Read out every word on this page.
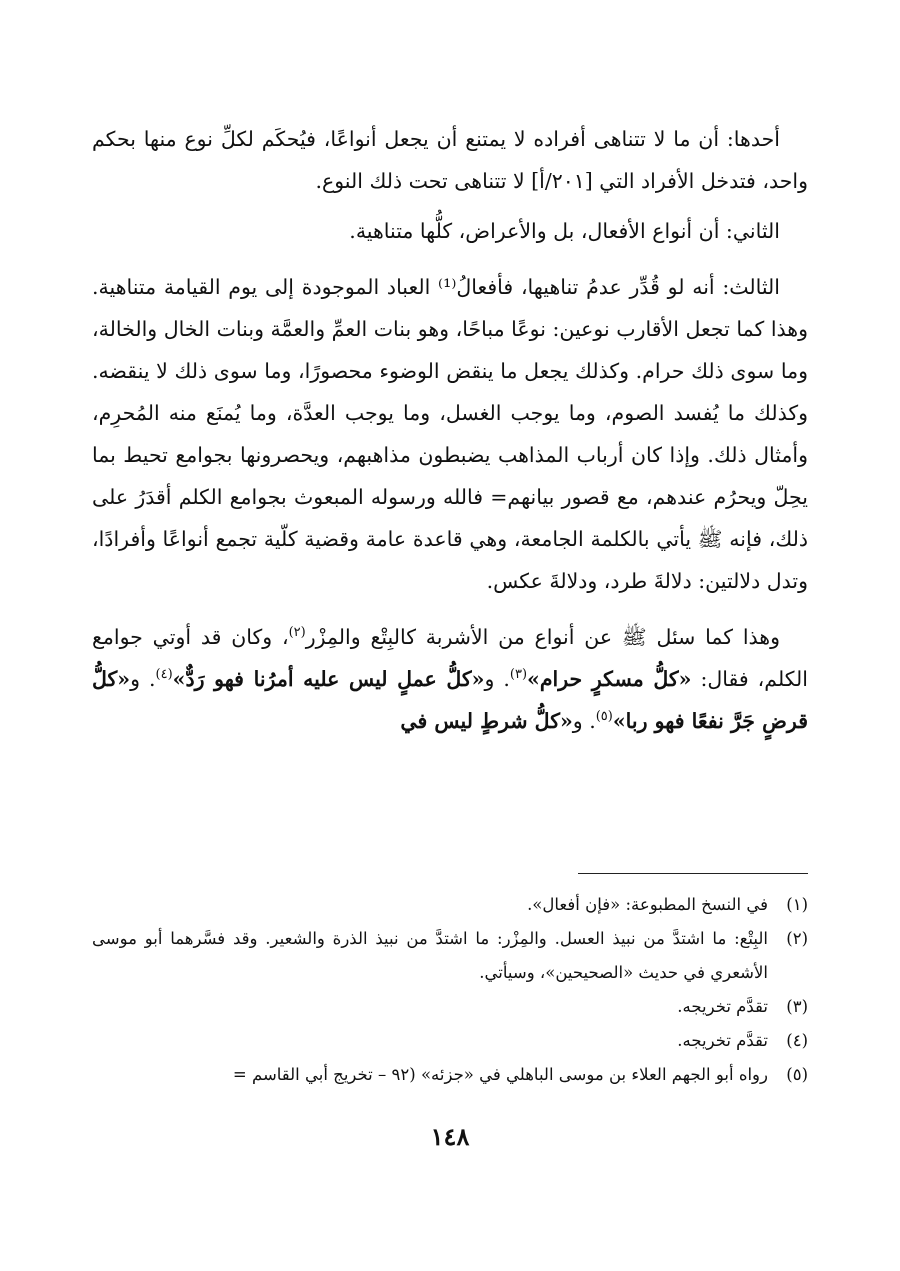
أحدها: أن ما لا تتناهى أفراده لا يمتنع أن يجعل أنواعًا، فيُحكَم لكلِّ نوع منها بحكم واحد، فتدخل الأفراد التي [٢٠١/أ] لا تتناهى تحت ذلك النوع.

الثاني: أن أنواع الأفعال، بل والأعراض، كلُّها متناهية.

الثالث: أنه لو قُدِّر عدمُ تناهيها، فأفعالُ⁽¹⁾ العباد الموجودة إلى يوم القيامة متناهية. وهذا كما تجعل الأقارب نوعين: نوعًا مباحًا، وهو بنات العمِّ والعمَّة وبنات الخال والخالة، وما سوى ذلك حرام. وكذلك يجعل ما ينقض الوضوء محصورًا، وما سوى ذلك لا ينقضه. وكذلك ما يُفسد الصوم، وما يوجب الغسل، وما يوجب العدَّة، وما يُمنَع منه المُحرِم، وأمثال ذلك. وإذا كان أرباب المذاهب يضبطون مذاهبهم، ويحصرونها بجوامع تحيط بما يحِلّ ويحرُم عندهم، مع قصور بيانهم= فالله ورسوله المبعوث بجوامع الكلم أقدَرُ على ذلك، فإنه ﷺ يأتي بالكلمة الجامعة، وهي قاعدة عامة وقضية كلّية تجمع أنواعًا وأفرادًا، وتدل دلالتين: دلالةَ طرد، ودلالةَ عكس.

وهذا كما سئل ﷺ عن أنواع من الأشربة كالبِتْع والمِزْر$^{(٢)}$، وكان قد أوتي جوامع الكلم، فقال: «كلُّ مسكرٍ حرام»$^{(٣)}$. و«كلُّ عملٍ ليس عليه أمرُنا فهو رَدٌّ»$^{(٤)}$. و«كلُّ قرضٍ جَرَّ نفعًا فهو ربا»$^{(٥)}$. و«كلُّ شرطٍ ليس في

(١)
في النسخ المطبوعة: «فإن أفعال».
(٢)
البِتْع: ما اشتدَّ من نبيذ العسل. والمِزْر: ما اشتدَّ من نبيذ الذرة والشعير. وقد فسَّرهما أبو موسى الأشعري في حديث «الصحيحين»، وسيأتي.
(٣)
تقدَّم تخريجه.
(٤)
تقدَّم تخريجه.
(٥)
رواه أبو الجهم العلاء بن موسى الباهلي في «جزئه» (٩٢ – تخريج أبي القاسم =
١٤٨
